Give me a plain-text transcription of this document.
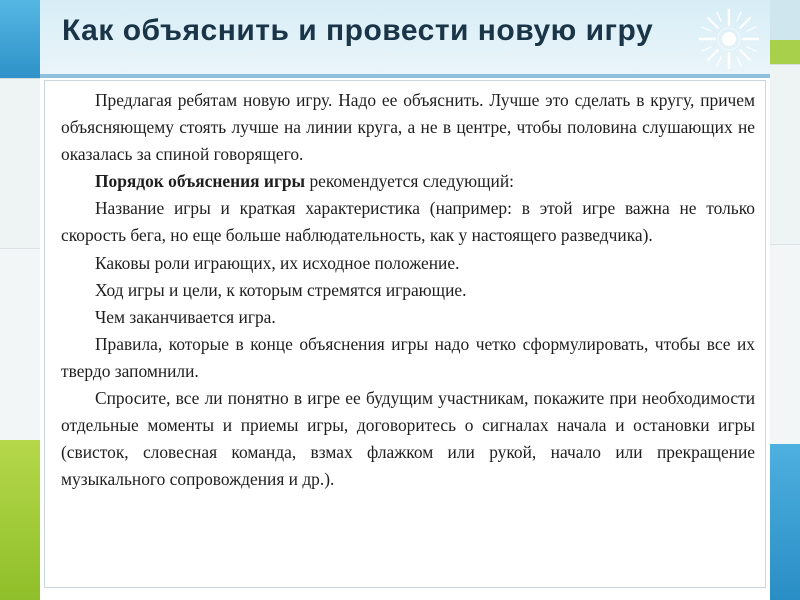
Как объяснить и провести новую игру

Предлагая ребятам новую игру. Надо ее объяснить. Лучше это сделать в кругу, причем объясняющему стоять лучше на линии круга, а не в центре, чтобы половина слушающих не оказалась за спиной говорящего.

Порядок объяснения игры рекомендуется следующий:

Название игры и краткая характеристика (например: в этой игре важна не только скорость бега, но еще больше наблюдательность, как у настоящего разведчика).

Каковы роли играющих, их исходное положение.

Ход игры и цели, к которым стремятся играющие.

Чем заканчивается игра.

Правила, которые в конце объяснения игры надо четко сформулировать, чтобы все их твердо запомнили.

Спросите, все ли понятно в игре ее будущим участникам, покажите при необходимости отдельные моменты и приемы игры, договоритесь о сигналах начала и остановки игры (свисток, словесная команда, взмах флажком или рукой, начало или прекращение музыкального сопровождения и др.).
